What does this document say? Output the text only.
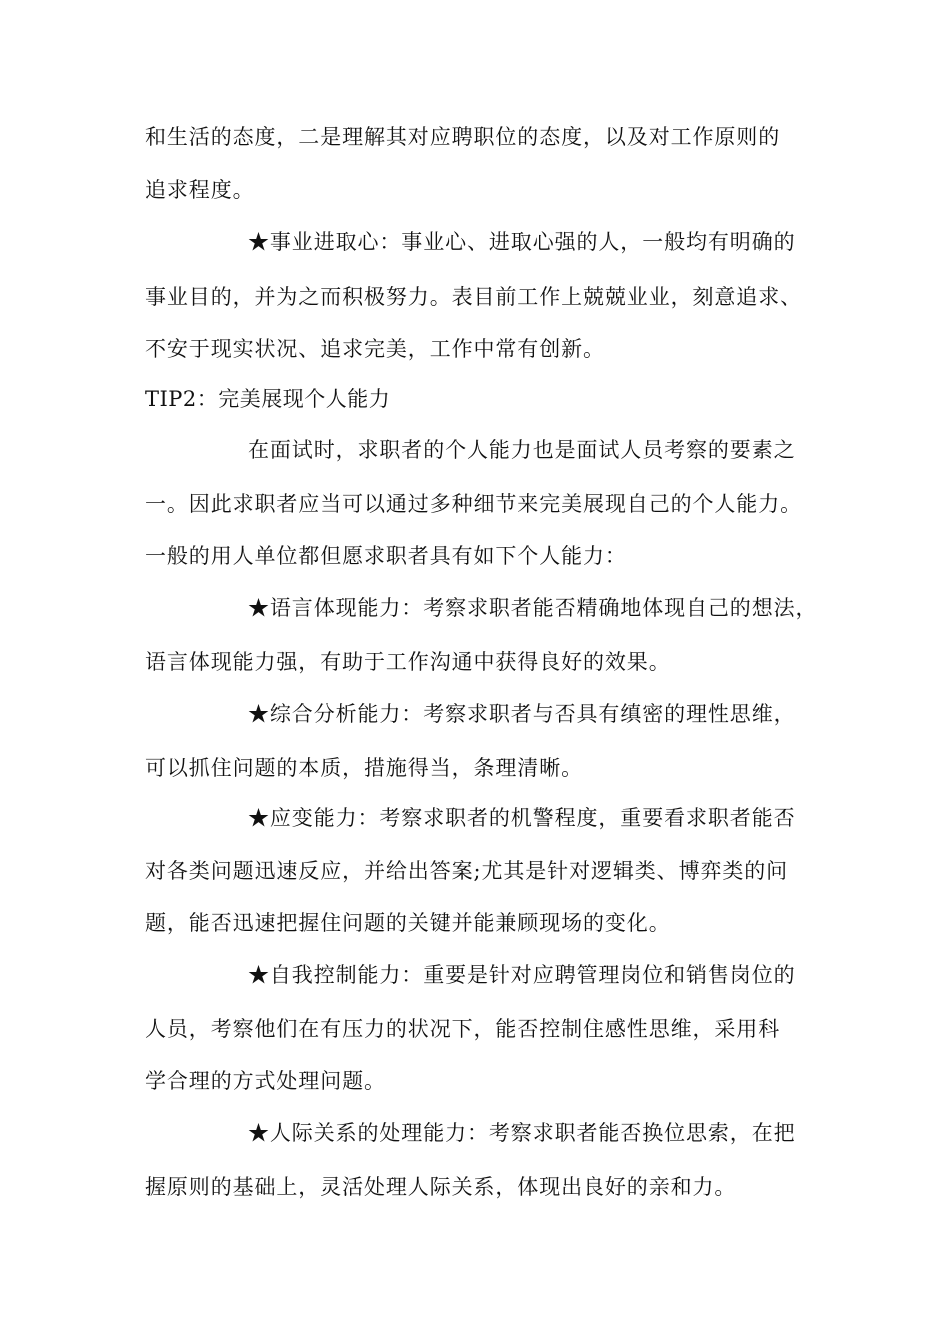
和生活的态度，二是理解其对应聘职位的态度，以及对工作原则的
追求程度。
★事业进取心：事业心、进取心强的人，一般均有明确的
事业目的，并为之而积极努力。表目前工作上兢兢业业，刻意追求、
不安于现实状况、追求完美，工作中常有创新。
TIP2：完美展现个人能力
在面试时，求职者的个人能力也是面试人员考察的要素之
一。因此求职者应当可以通过多种细节来完美展现自己的个人能力。
一般的用人单位都但愿求职者具有如下个人能力：
★语言体现能力：考察求职者能否精确地体现自己的想法，
语言体现能力强，有助于工作沟通中获得良好的效果。
★综合分析能力：考察求职者与否具有缜密的理性思维，
可以抓住问题的本质，措施得当，条理清晰。
★应变能力：考察求职者的机警程度，重要看求职者能否
对各类问题迅速反应，并给出答案;尤其是针对逻辑类、博弈类的问
题，能否迅速把握住问题的关键并能兼顾现场的变化。
★自我控制能力：重要是针对应聘管理岗位和销售岗位的
人员，考察他们在有压力的状况下，能否控制住感性思维，采用科
学合理的方式处理问题。
★人际关系的处理能力：考察求职者能否换位思索，在把
握原则的基础上，灵活处理人际关系，体现出良好的亲和力。
